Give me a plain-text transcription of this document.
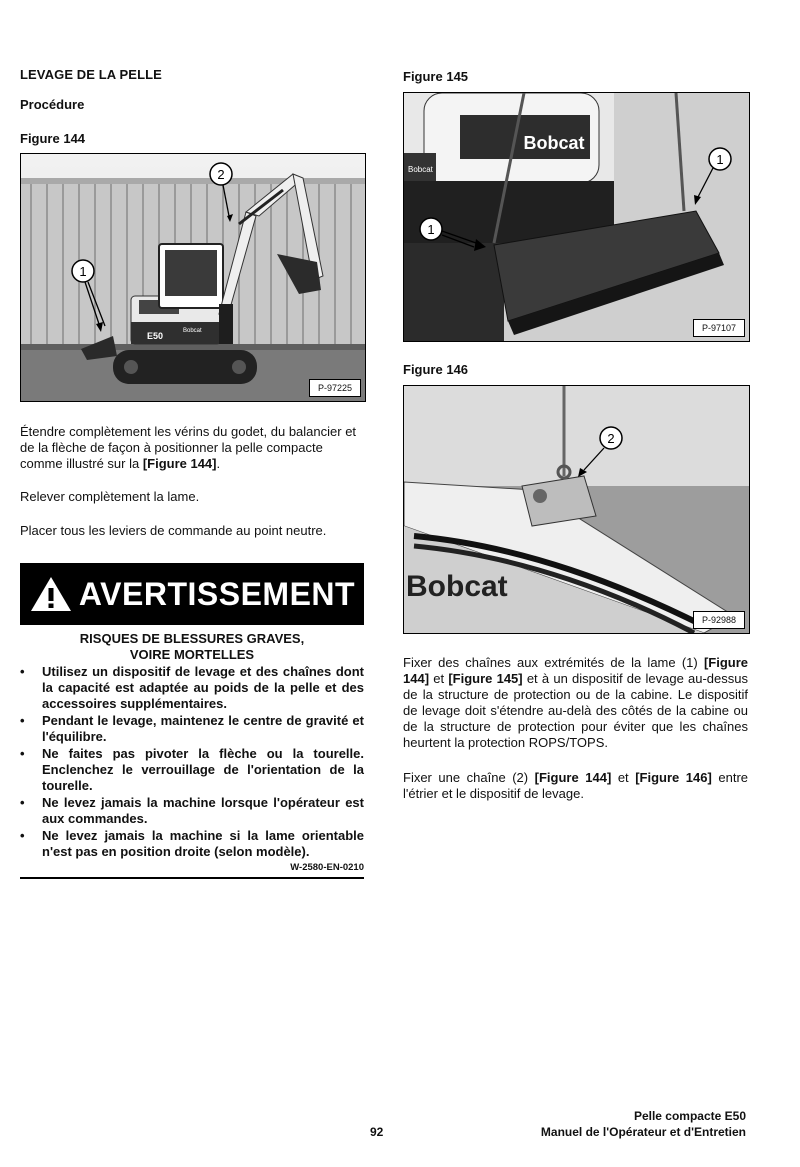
LEVAGE DE LA PELLE
Procédure
Figure 144
E50	Bobcat
2
1
P-97225
Étendre complètement les vérins du godet, du balancier et de la flèche de façon à positionner la pelle compacte comme illustré sur la [Figure 144].
Relever complètement la lame.
Placer tous les leviers de commande au point neutre.
AVERTISSEMENT
RISQUES DE BLESSURES GRAVES, VOIRE MORTELLES
• Utilisez un dispositif de levage et des chaînes dont la capacité est adaptée au poids de la pelle et des accessoires supplémentaires.
• Pendant le levage, maintenez le centre de gravité et l'équilibre.
• Ne faites pas pivoter la flèche ou la tourelle. Enclenchez le verrouillage de l'orientation de la tourelle.
• Ne levez jamais la machine lorsque l'opérateur est aux commandes.
• Ne levez jamais la machine si la lame orientable n'est pas en position droite (selon modèle).
W-2580-EN-0210
Figure 145
Bobcat
Bobcat
1
1
P-97107
Figure 146
Bobcat
2
P-92988
Fixer des chaînes aux extrémités de la lame (1) [Figure 144] et [Figure 145] et à un dispositif de levage au-dessus de la structure de protection ou de la cabine. Le dispositif de levage doit s'étendre au-delà des côtés de la cabine ou de la structure de protection pour éviter que les chaînes heurtent la protection ROPS/TOPS.
Fixer une chaîne (2) [Figure 144] et [Figure 146] entre l'étrier et le dispositif de levage.
92
Pelle compacte E50
Manuel de l'Opérateur et d'Entretien
